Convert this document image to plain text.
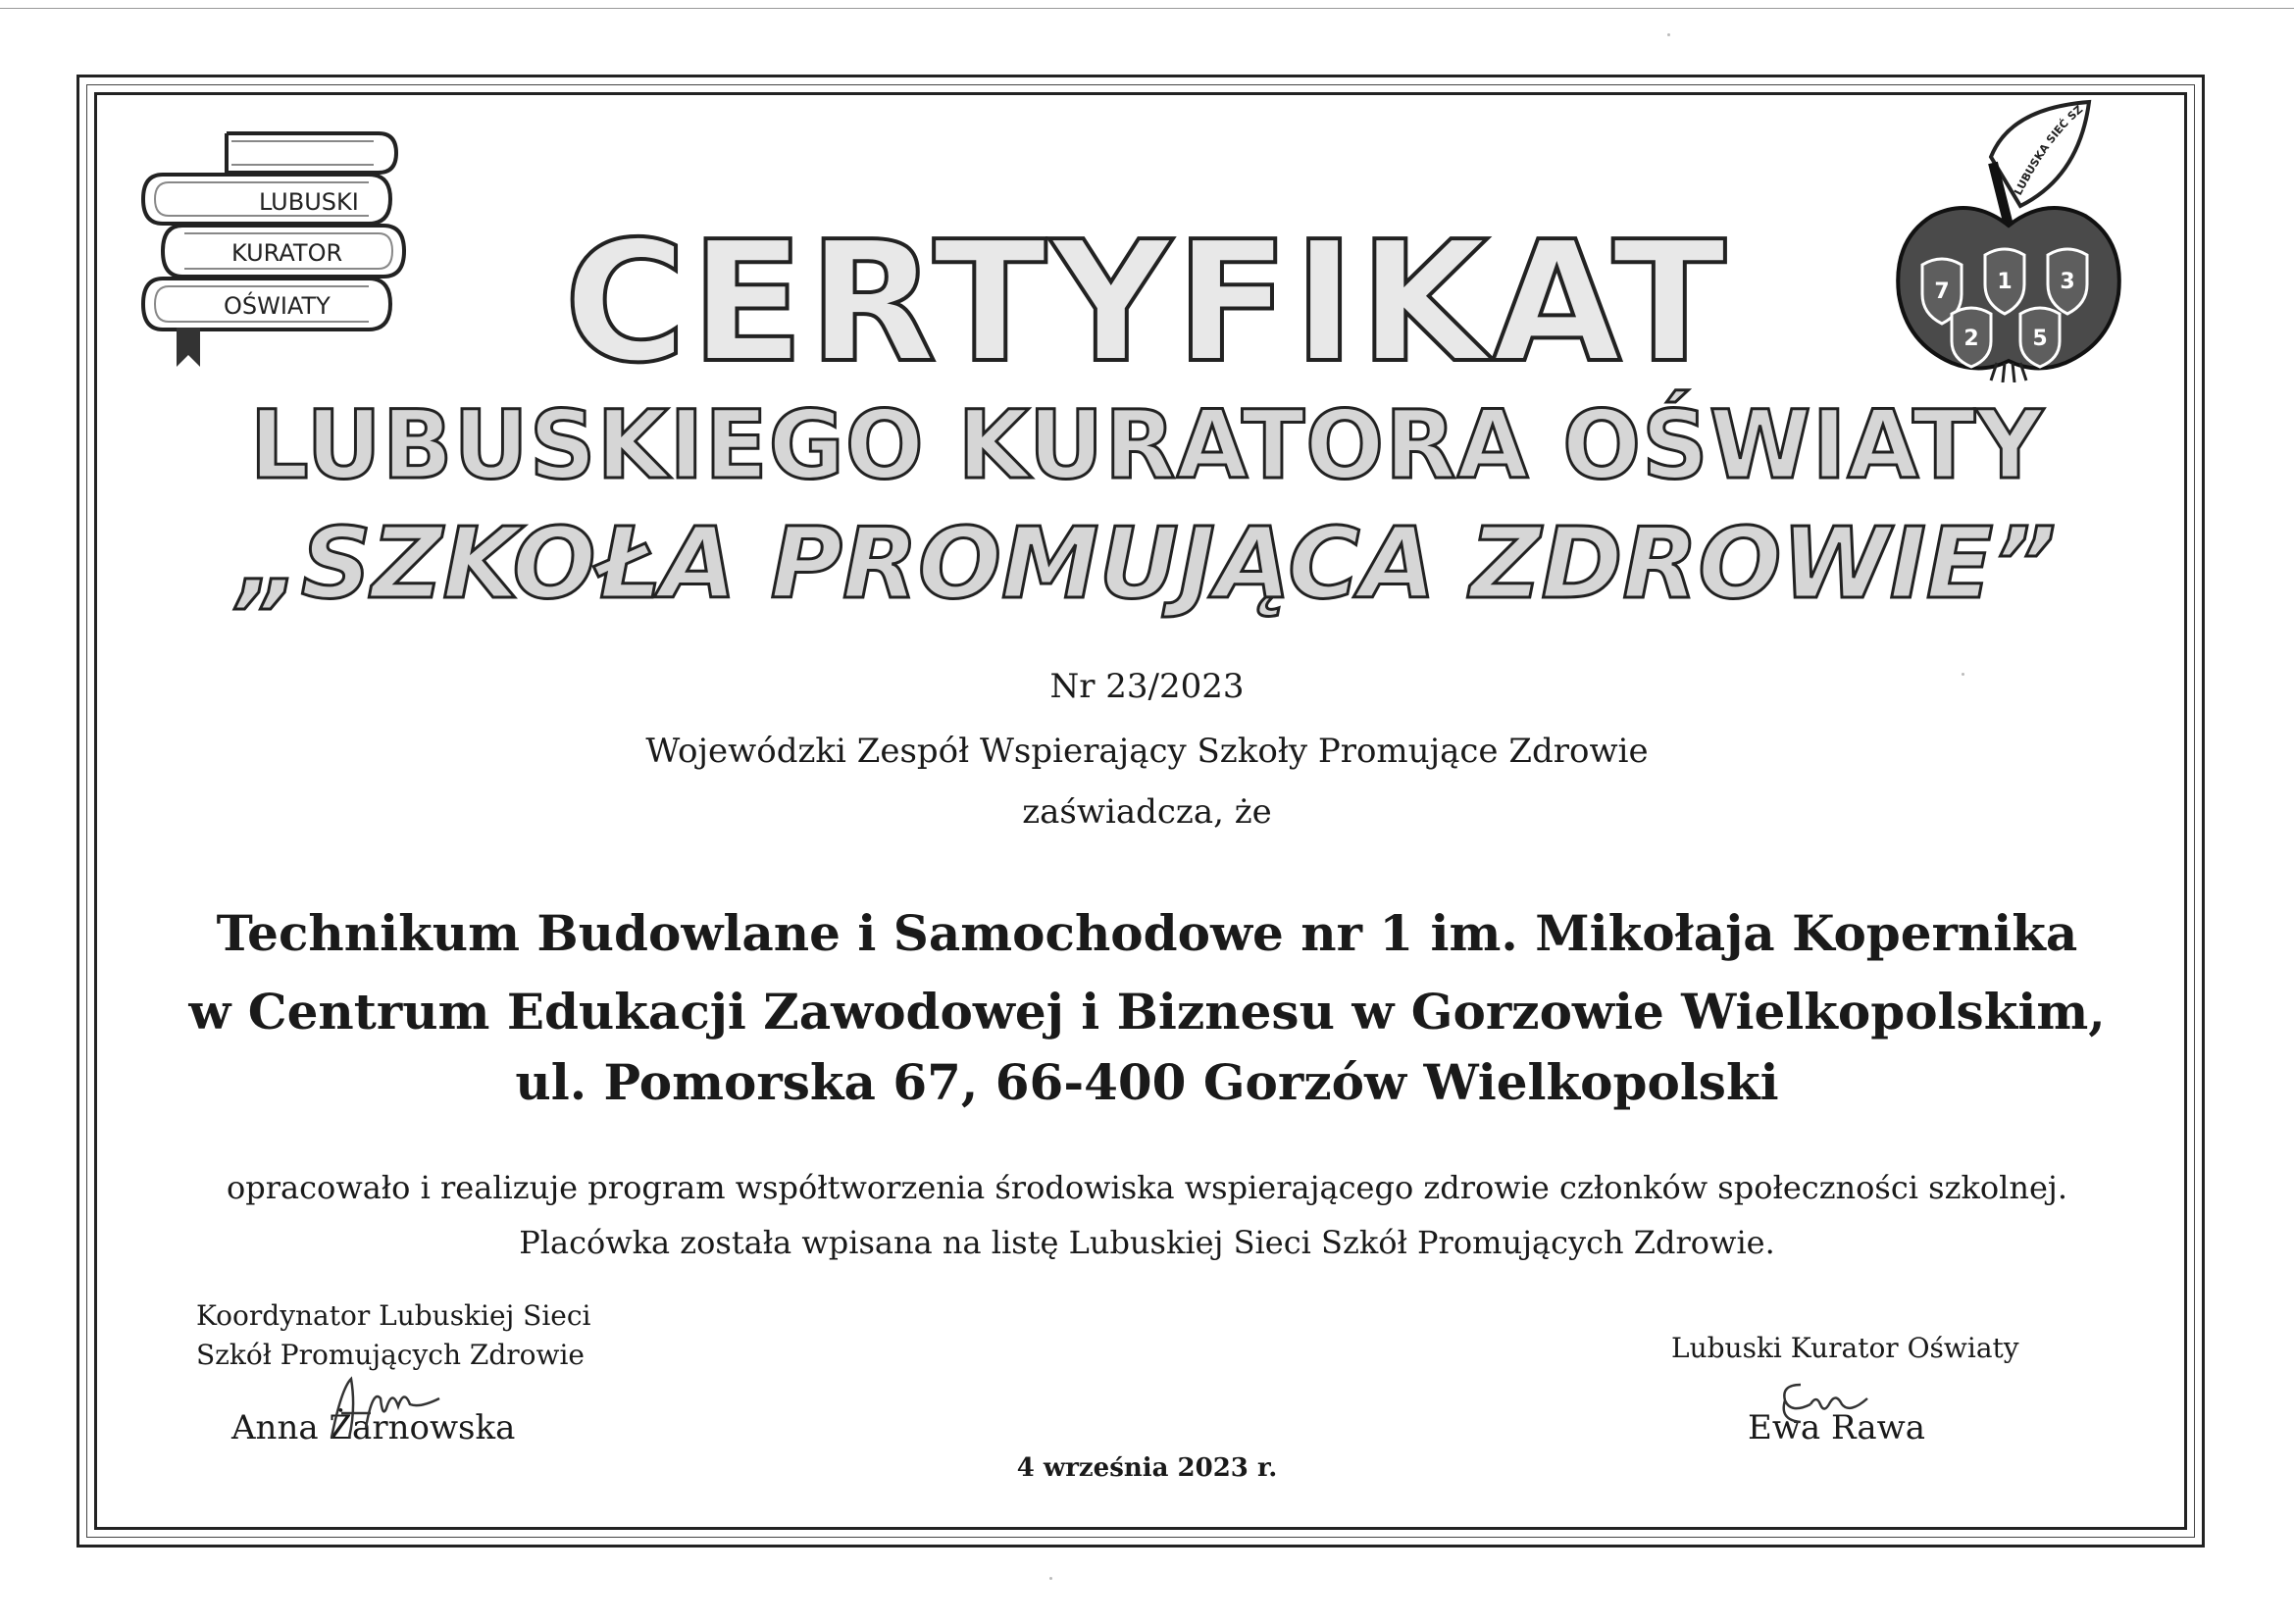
LUBUSKI
KURATOR
OŚWIATY
LUBUSKA SIEĆ SZ
7 1 3
2 5
CERTYFIKAT
LUBUSKIEGO KURATORA OŚWIATY
„SZKOŁA PROMUJĄCA ZDROWIE”
Nr 23/2023
Wojewódzki Zespół Wspierający Szkoły Promujące Zdrowie
zaświadcza, że
Technikum Budowlane i Samochodowe nr 1 im. Mikołaja Kopernika
w Centrum Edukacji Zawodowej i Biznesu w Gorzowie Wielkopolskim,
ul. Pomorska 67, 66-400 Gorzów Wielkopolski
opracowało i realizuje program współtworzenia środowiska wspierającego zdrowie członków społeczności szkolnej.
Placówka została wpisana na listę Lubuskiej Sieci Szkół Promujących Zdrowie.
Koordynator Lubuskiej Sieci
Szkół Promujących Zdrowie
Anna Żarnowska
Lubuski Kurator Oświaty
Ewa Rawa
4 września 2023 r.
